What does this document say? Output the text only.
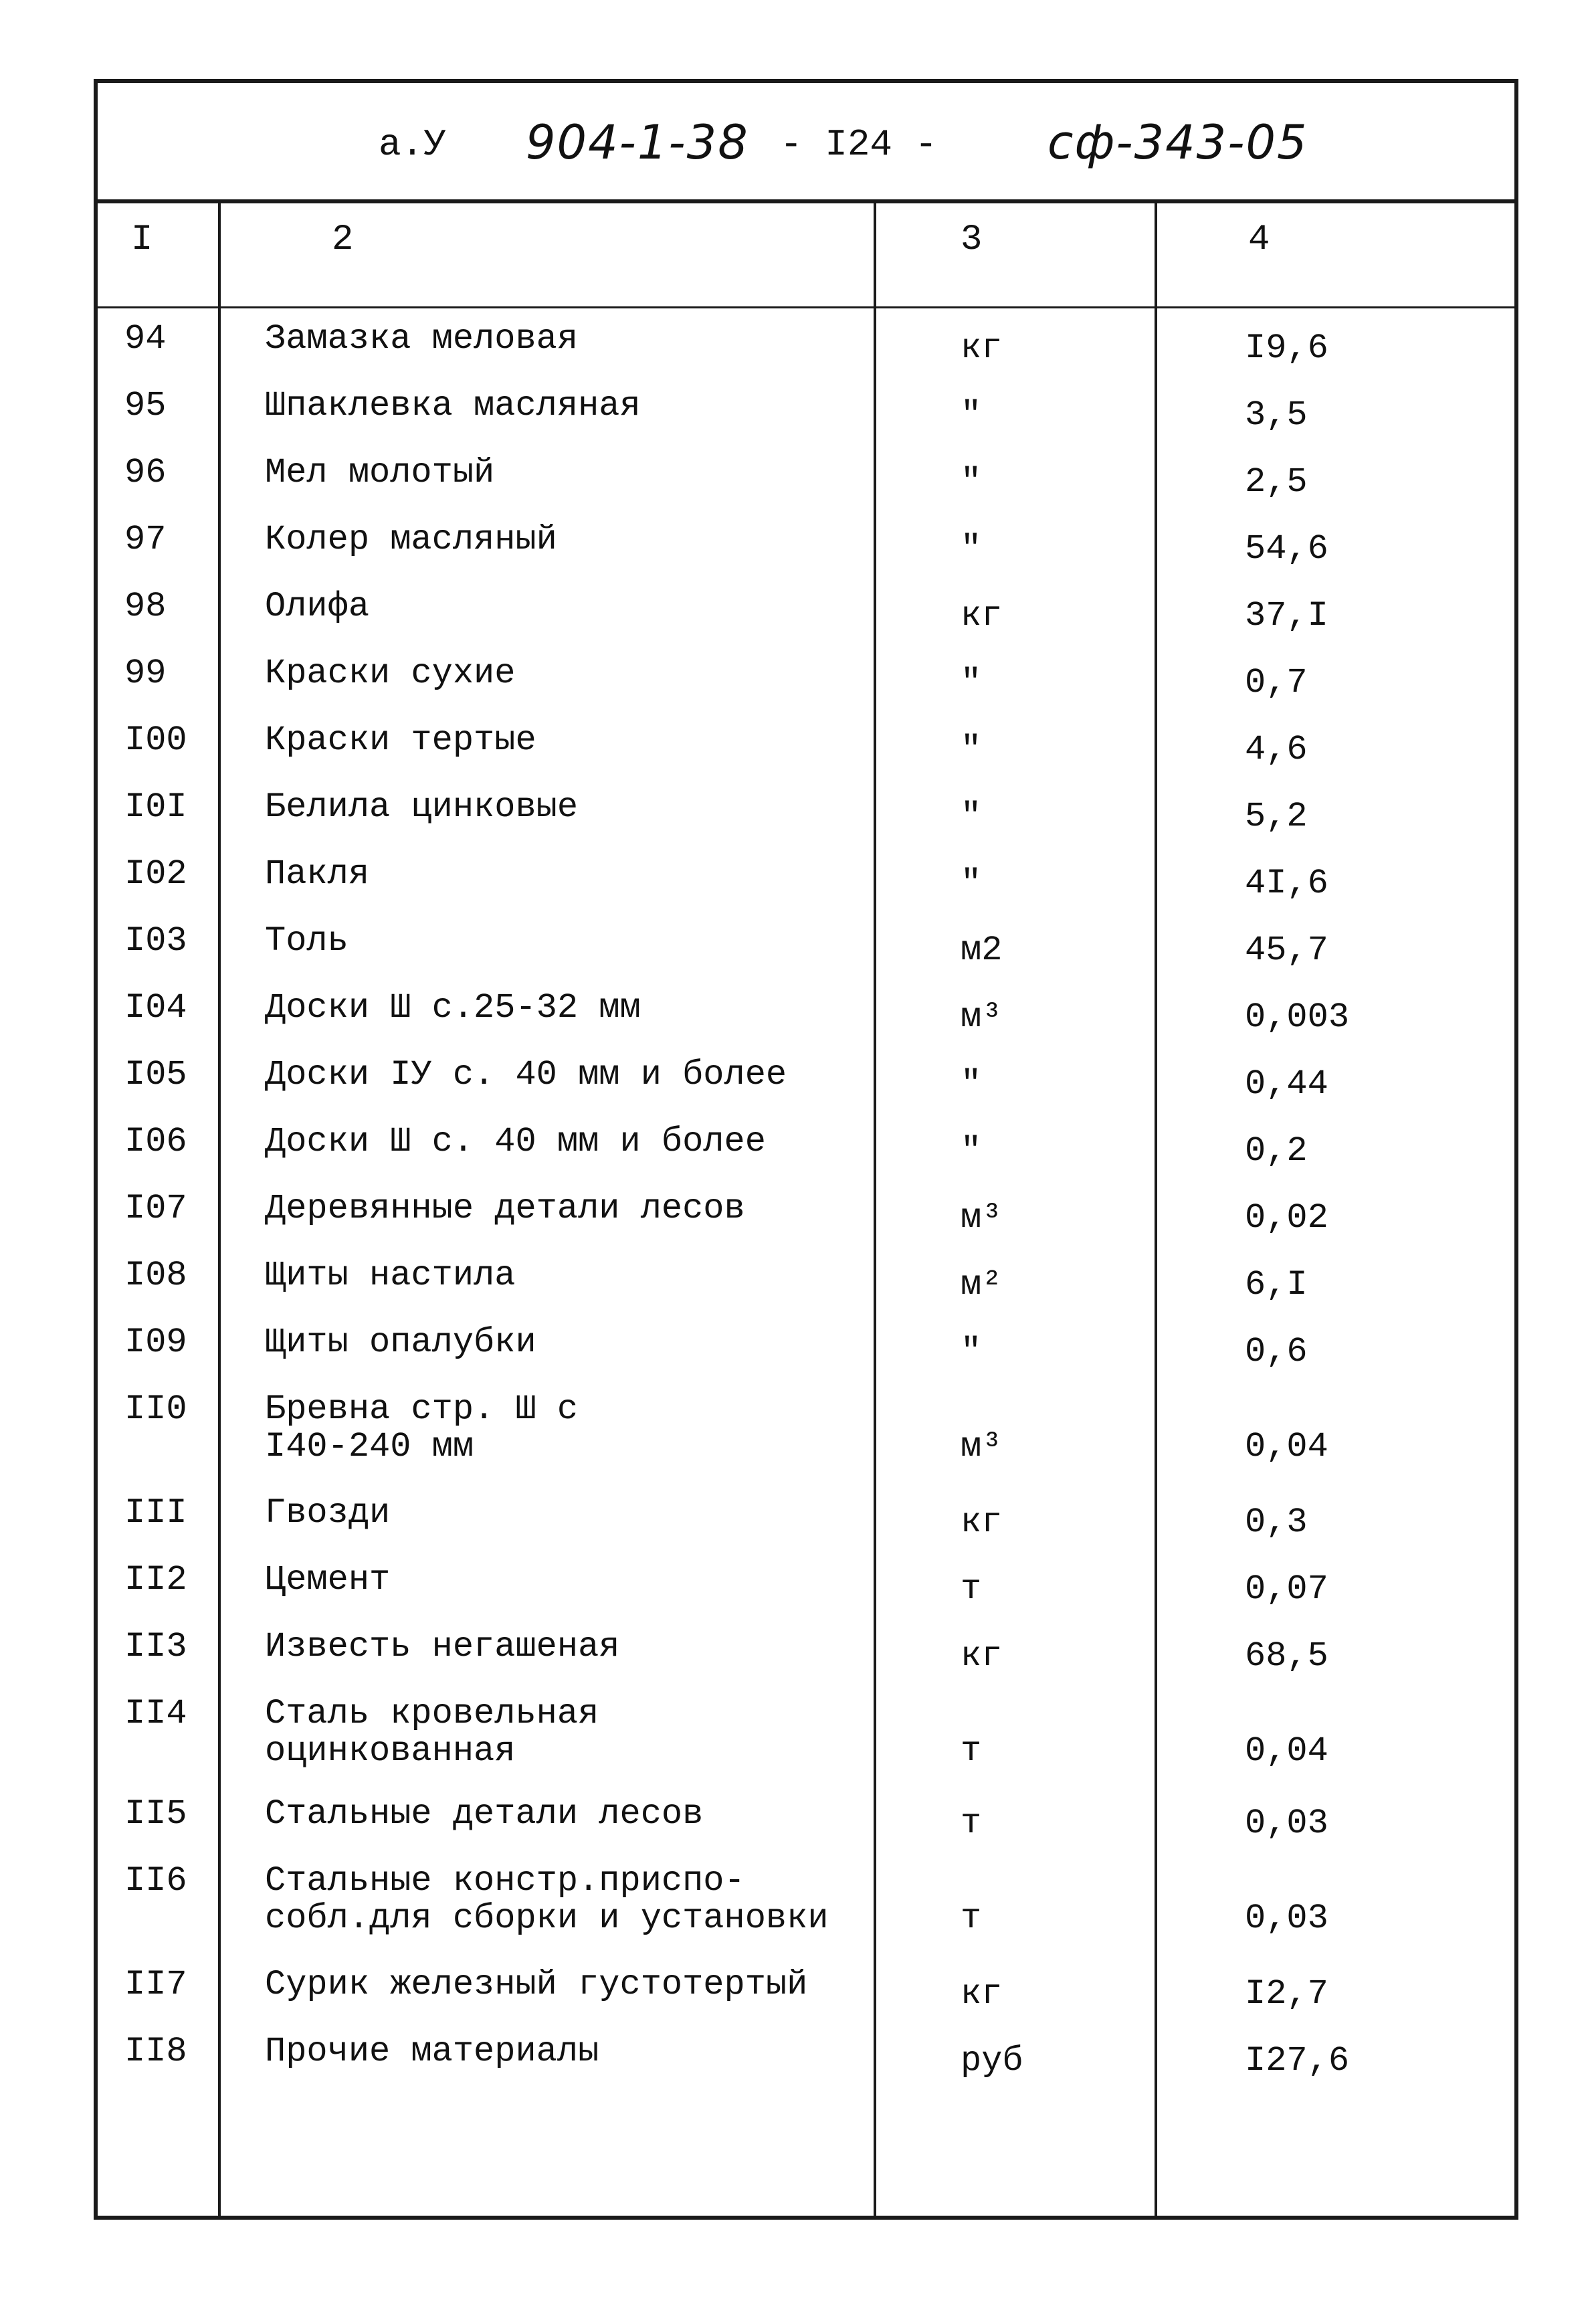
а.У 904-1-38 - I24 - сф-343-05
I	2	3	4
94	Замазка меловая	кг	I9,6
95	Шпаклевка масляная	"	3,5
96	Мел молотый	"	2,5
97	Колер масляный	"	54,6
98	Олифа	кг	37,I
99	Краски сухие	"	0,7
I00 Краски тертые	"	4,6
I0I Белила цинковые	"	5,2
I02 Пакля	"	4I,6
I03 Толь	м2	45,7
I04 Доски Ш с.25-32 мм	м³	0,003
I05 Доски IУ с. 40 мм и более	"	0,44
I06 Доски Ш с. 40 мм и более	"	0,2
I07 Деревянные детали лесов	м³	0,02
I08 Щиты настила	м²	6,I
I09 Щиты опалубки	"	0,6
II0 Бревна стр. Ш с
I40-240 мм	м³	0,04
III Гвозди	кг	0,3
II2 Цемент	т	0,07
II3 Известь негашеная	кг	68,5
II4 Сталь кровельная
оцинкованная	т	0,04
II5 Стальные детали лесов	т	0,03
II6 Стальные констр.приспо-
собл.для сборки и установки	т	0,03
II7 Сурик железный густотертый	кг	I2,7
II8 Прочие материалы	руб	I27,6
